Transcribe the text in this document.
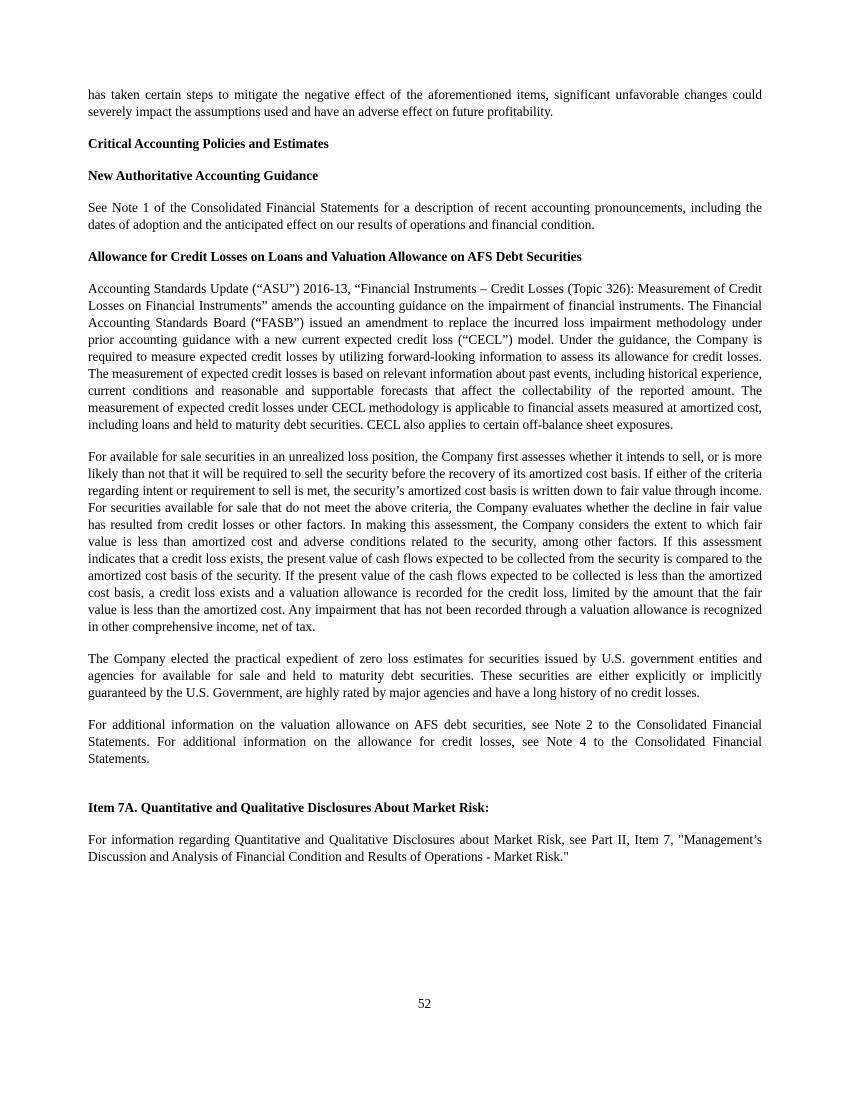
has taken certain steps to mitigate the negative effect of the aforementioned items, significant unfavorable changes could severely impact the assumptions used and have an adverse effect on future profitability.

Critical Accounting Policies and Estimates

New Authoritative Accounting Guidance

See Note 1 of the Consolidated Financial Statements for a description of recent accounting pronouncements, including the dates of adoption and the anticipated effect on our results of operations and financial condition.

Allowance for Credit Losses on Loans and Valuation Allowance on AFS Debt Securities

Accounting Standards Update (“ASU”) 2016-13, “Financial Instruments – Credit Losses (Topic 326): Measurement of Credit Losses on Financial Instruments” amends the accounting guidance on the impairment of financial instruments. The Financial Accounting Standards Board (“FASB”) issued an amendment to replace the incurred loss impairment methodology under prior accounting guidance with a new current expected credit loss (“CECL”) model. Under the guidance, the Company is required to measure expected credit losses by utilizing forward-looking information to assess its allowance for credit losses. The measurement of expected credit losses is based on relevant information about past events, including historical experience, current conditions and reasonable and supportable forecasts that affect the collectability of the reported amount. The measurement of expected credit losses under CECL methodology is applicable to financial assets measured at amortized cost, including loans and held to maturity debt securities. CECL also applies to certain off-balance sheet exposures.

For available for sale securities in an unrealized loss position, the Company first assesses whether it intends to sell, or is more likely than not that it will be required to sell the security before the recovery of its amortized cost basis. If either of the criteria regarding intent or requirement to sell is met, the security’s amortized cost basis is written down to fair value through income. For securities available for sale that do not meet the above criteria, the Company evaluates whether the decline in fair value has resulted from credit losses or other factors. In making this assessment, the Company considers the extent to which fair value is less than amortized cost and adverse conditions related to the security, among other factors. If this assessment indicates that a credit loss exists, the present value of cash flows expected to be collected from the security is compared to the amortized cost basis of the security. If the present value of the cash flows expected to be collected is less than the amortized cost basis, a credit loss exists and a valuation allowance is recorded for the credit loss, limited by the amount that the fair value is less than the amortized cost. Any impairment that has not been recorded through a valuation allowance is recognized in other comprehensive income, net of tax.

The Company elected the practical expedient of zero loss estimates for securities issued by U.S. government entities and agencies for available for sale and held to maturity debt securities. These securities are either explicitly or implicitly guaranteed by the U.S. Government, are highly rated by major agencies and have a long history of no credit losses.

For additional information on the valuation allowance on AFS debt securities, see Note 2 to the Consolidated Financial Statements. For additional information on the allowance for credit losses, see Note 4 to the Consolidated Financial Statements.

Item 7A. Quantitative and Qualitative Disclosures About Market Risk:

For information regarding Quantitative and Qualitative Disclosures about Market Risk, see Part II, Item 7, "Management’s Discussion and Analysis of Financial Condition and Results of Operations - Market Risk."

52
